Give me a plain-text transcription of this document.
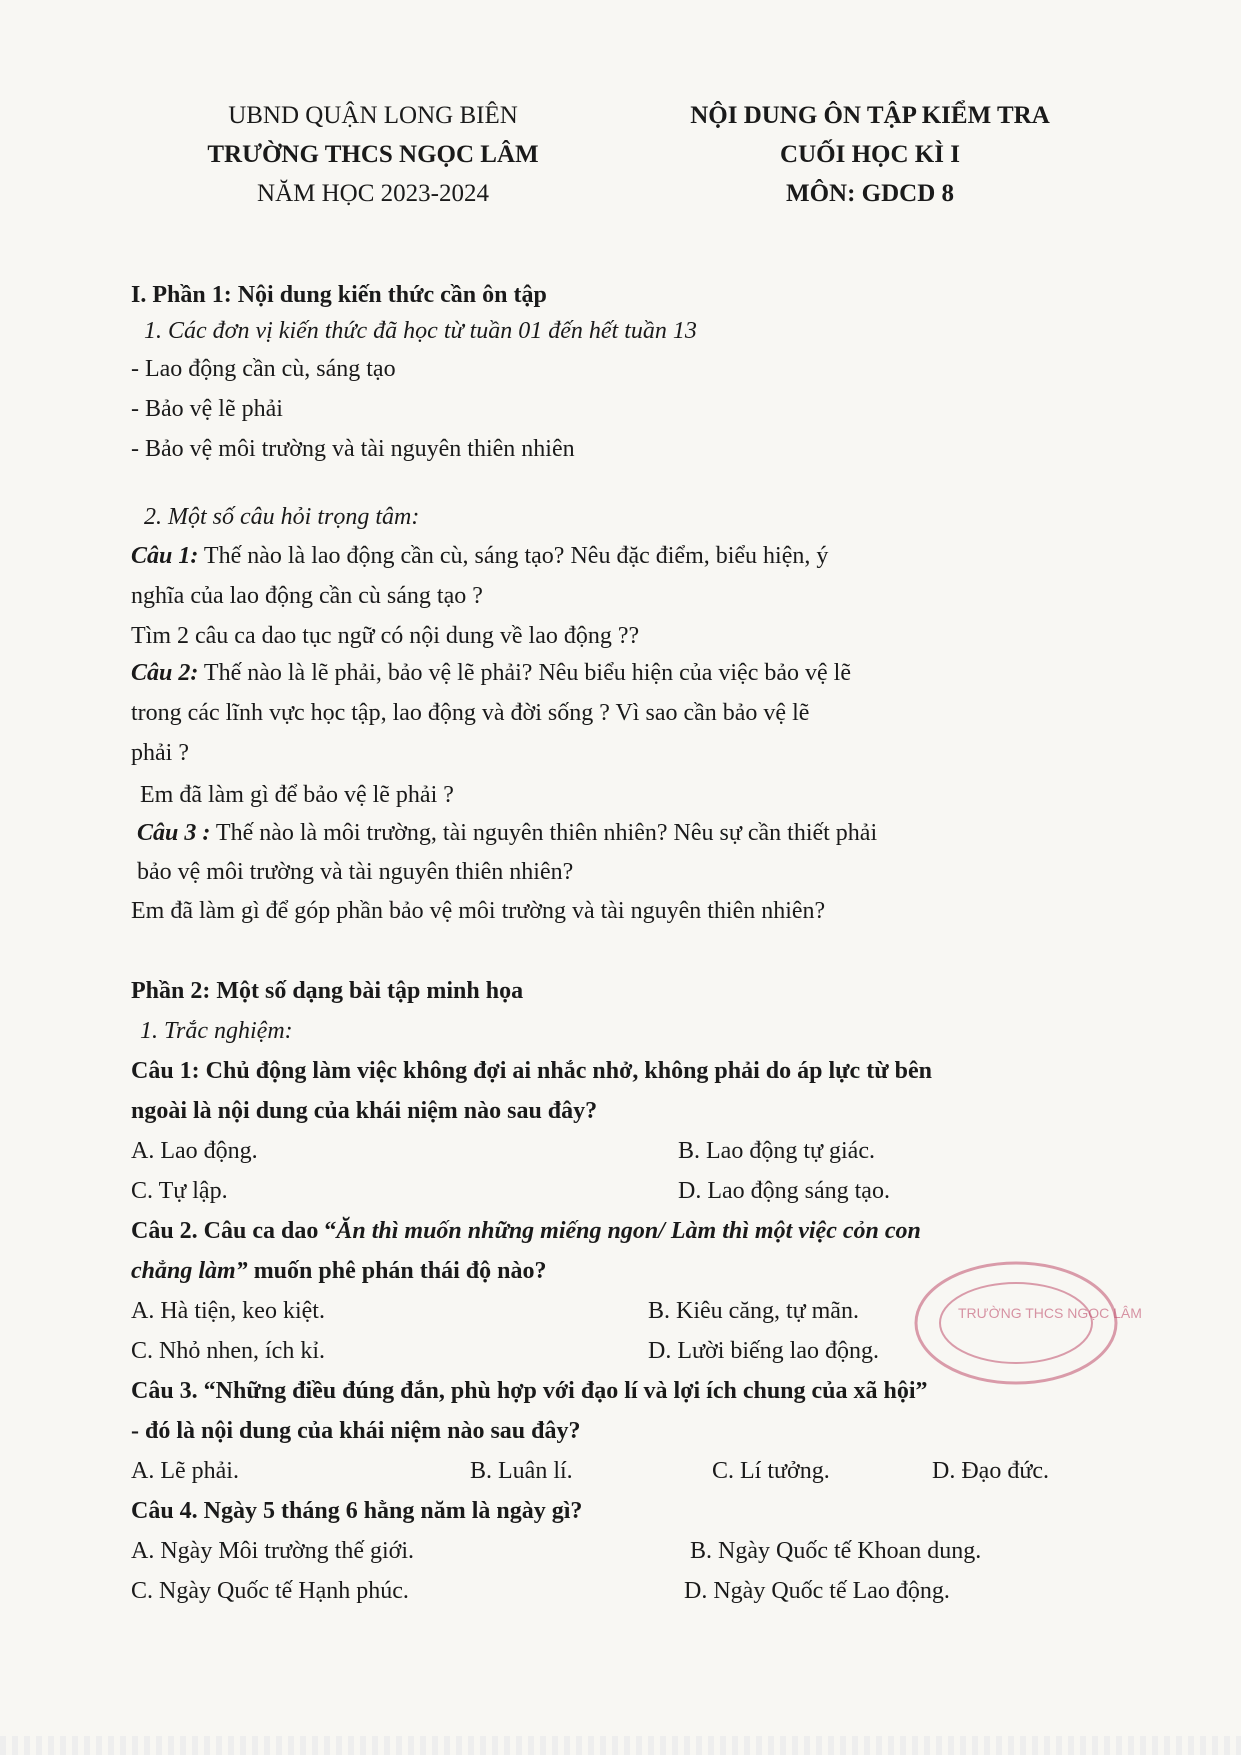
UBND QUẬN LONG BIÊN
TRƯỜNG THCS NGỌC LÂM
NĂM HỌC 2023-2024
NỘI DUNG ÔN TẬP KIỂM TRA
CUỐI HỌC KÌ I
MÔN: GDCD 8
I. Phần 1: Nội dung kiến thức cần ôn tập
1. Các đơn vị kiến thức đã học từ tuần 01 đến hết tuần 13
- Lao động cần cù, sáng tạo
- Bảo vệ lẽ phải
- Bảo vệ môi trường và tài nguyên thiên nhiên
2. Một số câu hỏi trọng tâm:
Câu 1: Thế nào là lao động cần cù, sáng tạo? Nêu đặc điểm, biểu hiện, ý
nghĩa của lao động cần cù sáng tạo ?
Tìm 2 câu ca dao tục ngữ có nội dung về lao động ??
Câu 2: Thế nào là lẽ phải, bảo vệ lẽ phải? Nêu biểu hiện của việc bảo vệ lẽ
trong các lĩnh vực học tập, lao động và đời sống ? Vì sao cần bảo vệ lẽ
phải ?
Em đã làm gì để bảo vệ lẽ phải ?
Câu 3 : Thế nào là môi trường, tài nguyên thiên nhiên? Nêu sự cần thiết phải
bảo vệ môi trường và tài nguyên thiên nhiên?
Em đã làm gì để góp phần bảo vệ môi trường và tài nguyên thiên nhiên?
Phần 2: Một số dạng bài tập minh họa
1. Trắc nghiệm:
Câu 1: Chủ động làm việc không đợi ai nhắc nhở, không phải do áp lực từ bên
ngoài là nội dung của khái niệm nào sau đây?
A. Lao động.	B. Lao động tự giác.
C. Tự lập.	D. Lao động sáng tạo.
Câu 2. Câu ca dao “Ăn thì muốn những miếng ngon/ Làm thì một việc cỏn con
chẳng làm” muốn phê phán thái độ nào?
A. Hà tiện, keo kiệt.	B. Kiêu căng, tự mãn.
C. Nhỏ nhen, ích kỉ.	D. Lười biếng lao động.
Câu 3. “Những điều đúng đắn, phù hợp với đạo lí và lợi ích chung của xã hội”
- đó là nội dung của khái niệm nào sau đây?
A. Lẽ phải.	B. Luân lí.	C. Lí tưởng.	D. Đạo đức.
Câu 4. Ngày 5 tháng 6 hằng năm là ngày gì?
A. Ngày Môi trường thế giới.	B. Ngày Quốc tế Khoan dung.
C. Ngày Quốc tế Hạnh phúc.	D. Ngày Quốc tế Lao động.
TRƯỜNG THCS NGỌC LÂM
